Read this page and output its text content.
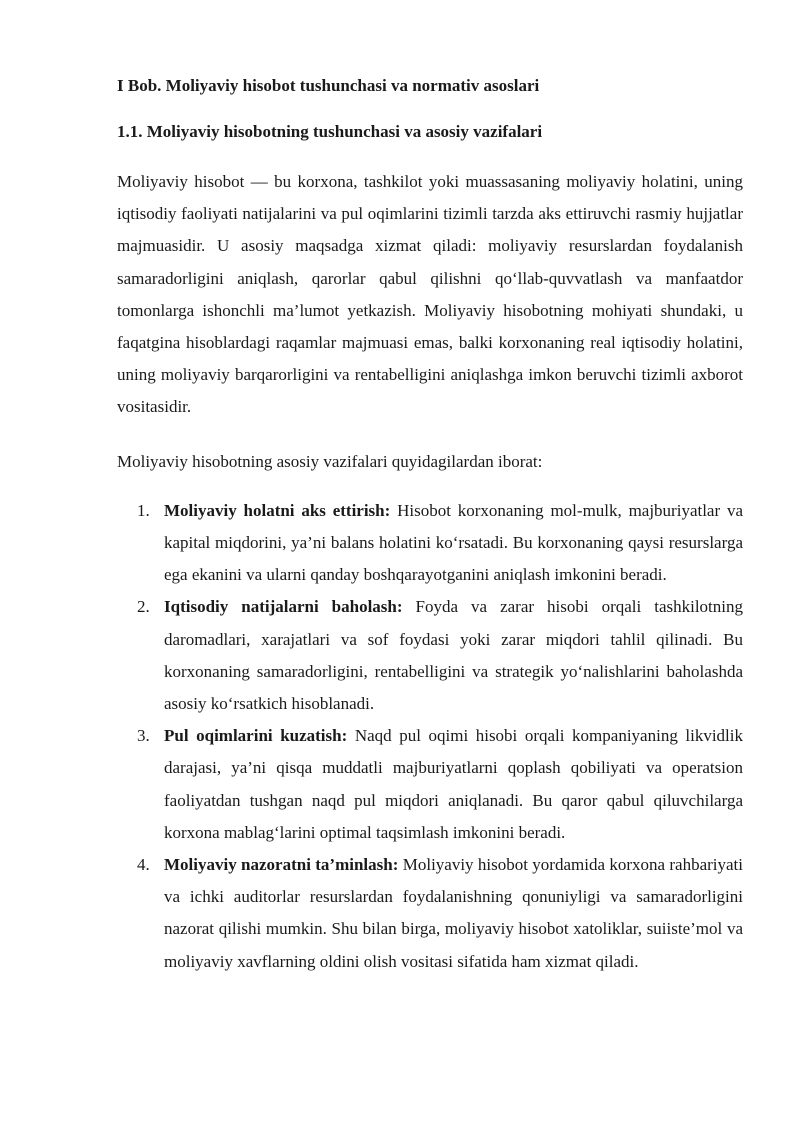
I Bob. Moliyaviy hisobot tushunchasi va normativ asoslari
1.1. Moliyaviy hisobotning tushunchasi va asosiy vazifalari

Moliyaviy hisobot — bu korxona, tashkilot yoki muassasaning moliyaviy holatini, uning iqtisodiy faoliyati natijalarini va pul oqimlarini tizimli tarzda aks ettiruvchi rasmiy hujjatlar majmuasidir. U asosiy maqsadga xizmat qiladi: moliyaviy resurslardan foydalanish samaradorligini aniqlash, qarorlar qabul qilishni qo‘llab-quvvatlash va manfaatdor tomonlarga ishonchli ma’lumot yetkazish. Moliyaviy hisobotning mohiyati shundaki, u faqatgina hisoblardagi raqamlar majmuasi emas, balki korxonaning real iqtisodiy holatini, uning moliyaviy barqarorligini va rentabelligini aniqlashga imkon beruvchi tizimli axborot vositasidir.

Moliyaviy hisobotning asosiy vazifalari quyidagilardan iborat:

1. Moliyaviy holatni aks ettirish: Hisobot korxonaning mol-mulk, majburiyatlar va kapital miqdorini, ya’ni balans holatini ko‘rsatadi. Bu korxonaning qaysi resurslarga ega ekanini va ularni qanday boshqarayotganini aniqlash imkonini beradi.
2. Iqtisodiy natijalarni baholash: Foyda va zarar hisobi orqali tashkilotning daromadlari, xarajatlari va sof foydasi yoki zarar miqdori tahlil qilinadi. Bu korxonaning samaradorligini, rentabelligini va strategik yo‘nalishlarini baholashda asosiy ko‘rsatkich hisoblanadi.
3. Pul oqimlarini kuzatish: Naqd pul oqimi hisobi orqali kompaniyaning likvidlik darajasi, ya’ni qisqa muddatli majburiyatlarni qoplash qobiliyati va operatsion faoliyatdan tushgan naqd pul miqdori aniqlanadi. Bu qaror qabul qiluvchilarga korxona mablag‘larini optimal taqsimlash imkonini beradi.
4. Moliyaviy nazoratni ta’minlash: Moliyaviy hisobot yordamida korxona rahbariyati va ichki auditorlar resurslardan foydalanishning qonuniyligi va samaradorligini nazorat qilishi mumkin. Shu bilan birga, moliyaviy hisobot xatoliklar, suiiste’mol va moliyaviy xavflarning oldini olish vositasi sifatida ham xizmat qiladi.
